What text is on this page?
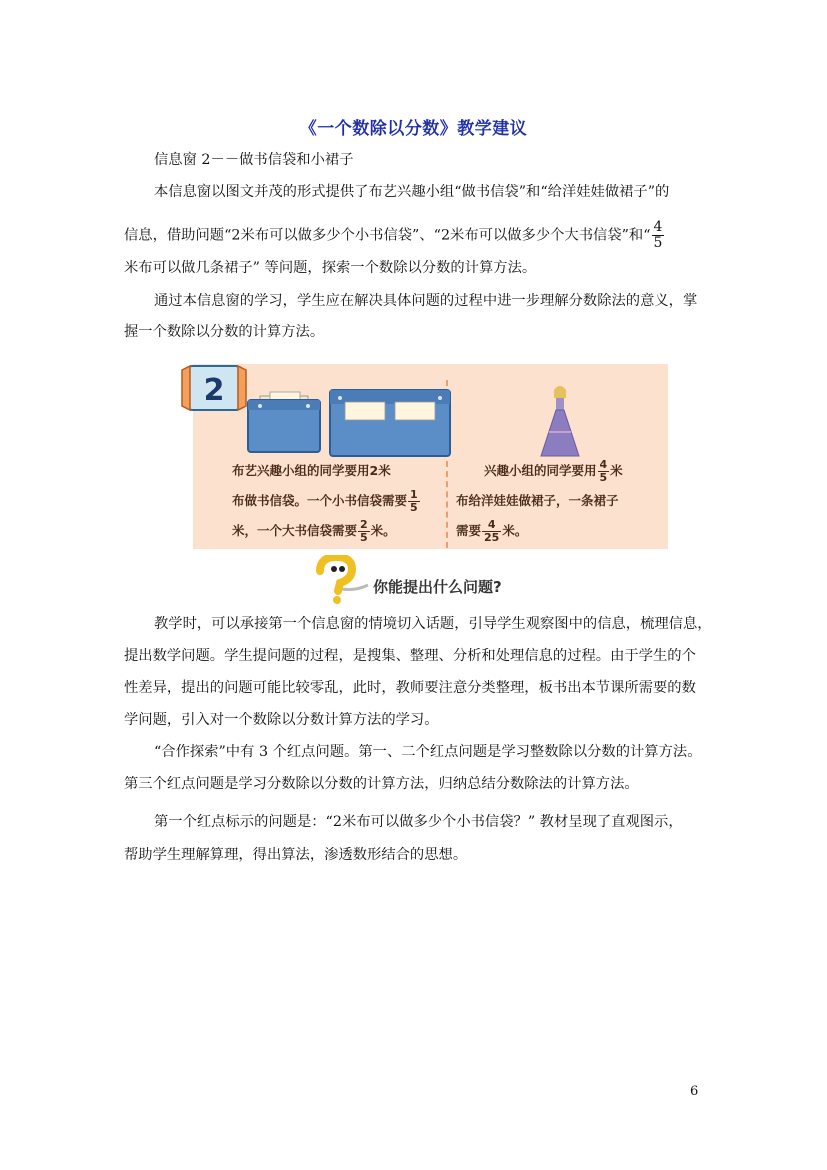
《一个数除以分数》教学建议
信息窗 2－－做书信袋和小裙子
本信息窗以图文并茂的形式提供了布艺兴趣小组“做书信袋”和“给洋娃娃做裙子”的
信息，借助问题“2米布可以做多少个小书信袋”、“2米布可以做多少个大书信袋”和“ $\frac{4}{5}$
米布可以做几条裙子” 等问题，探索一个数除以分数的计算方法。
通过本信息窗的学习，学生应在解决具体问题的过程中进一步理解分数除法的意义，掌
握一个数除以分数的计算方法。
2
布艺兴趣小组的同学要用2米
布做书信袋。一个小书信袋需要 $\frac{1}{5}$
米，一个大书信袋需要 $\frac{2}{5}$ 米。
兴趣小组的同学要用 $\frac{4}{5}$ 米
布给洋娃娃做裙子，一条裙子
需要 $\frac{4}{25}$ 米。
你能提出什么问题?
教学时，可以承接第一个信息窗的情境切入话题，引导学生观察图中的信息，梳理信息，
提出数学问题。学生提问题的过程，是搜集、整理、分析和处理信息的过程。由于学生的个
性差异，提出的问题可能比较零乱，此时，教师要注意分类整理，板书出本节课所需要的数
学问题，引入对一个数除以分数计算方法的学习。
“合作探索”中有 3 个红点问题。第一、二个红点问题是学习整数除以分数的计算方法。
第三个红点问题是学习分数除以分数的计算方法，归纳总结分数除法的计算方法。
第一个红点标示的问题是：“2米布可以做多少个小书信袋？” 教材呈现了直观图示，
帮助学生理解算理，得出算法，渗透数形结合的思想。
6
